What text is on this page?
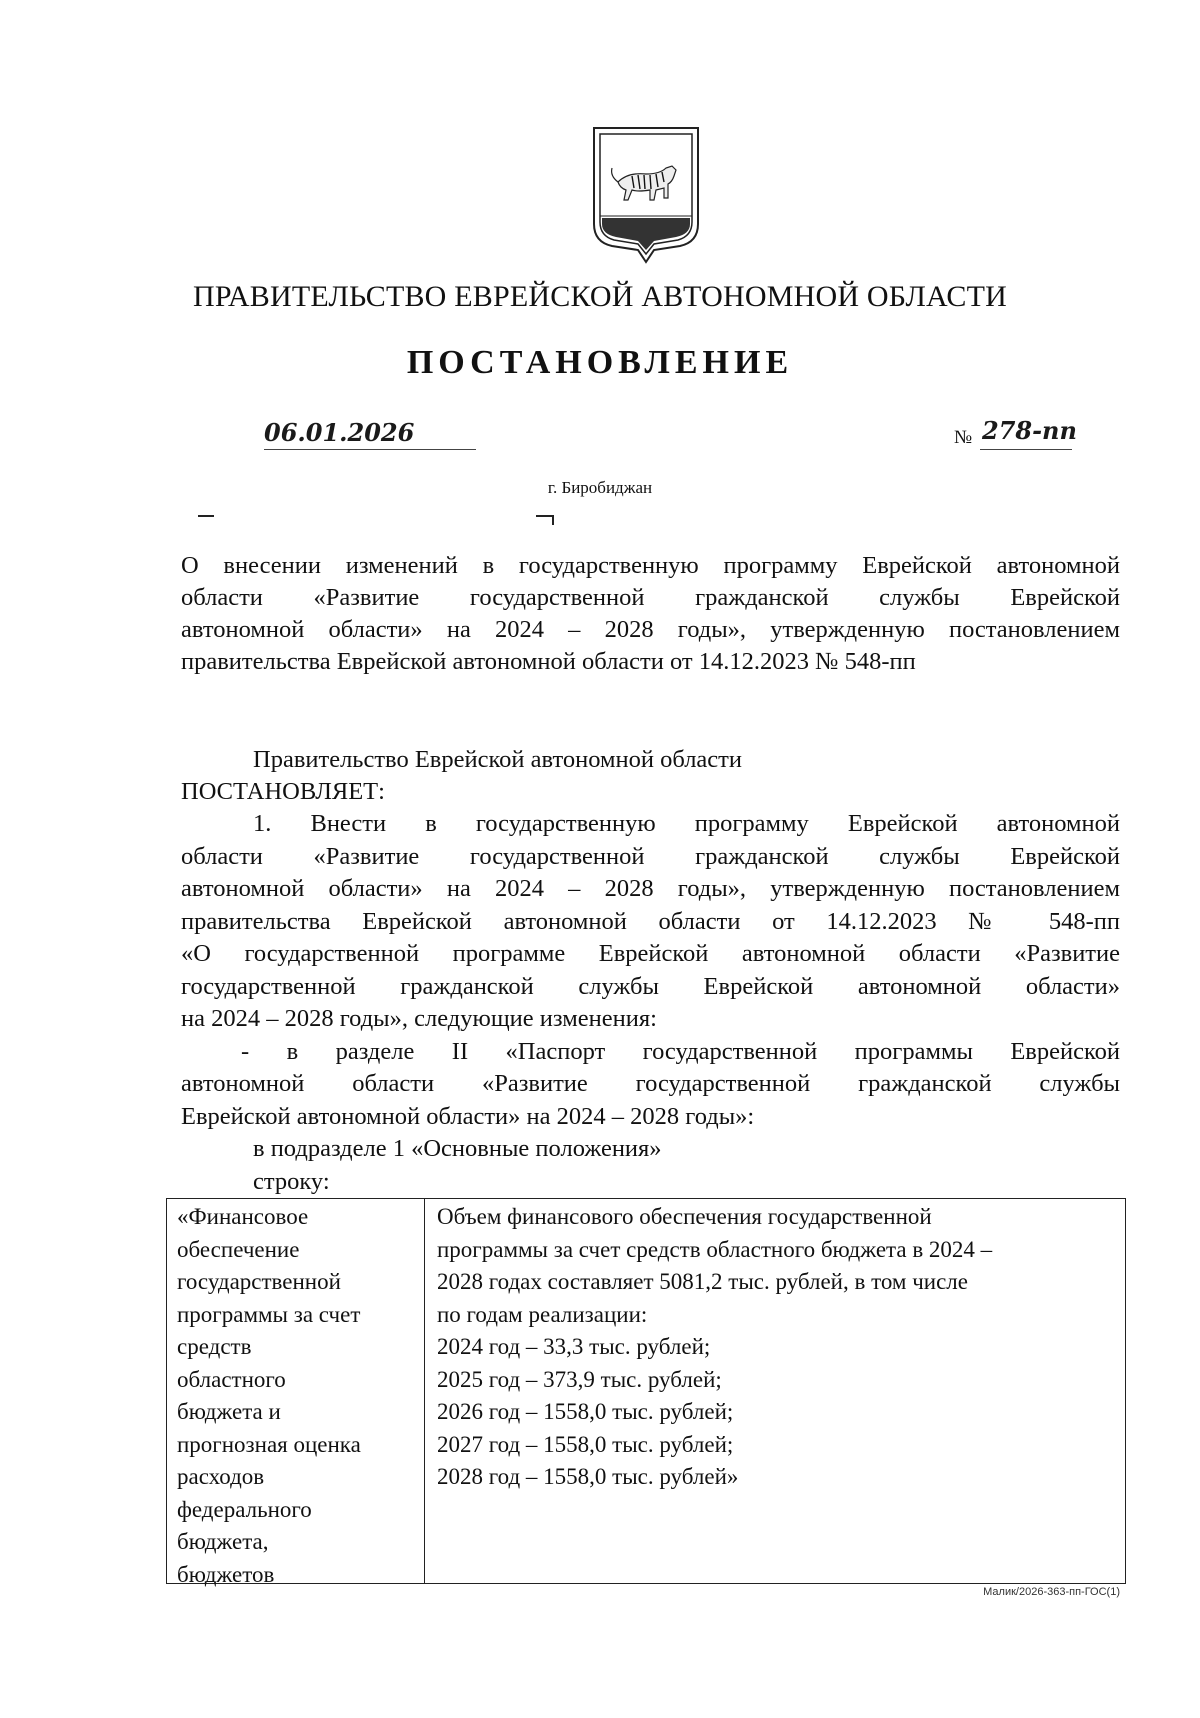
ПРАВИТЕЛЬСТВО ЕВРЕЙСКОЙ АВТОНОМНОЙ ОБЛАСТИ
ПОСТАНОВЛЕНИЕ
06.01.2026	№ 278-пп
г. Биробиджан
О внесении изменений в государственную программу Еврейской автономной
области «Развитие государственной гражданской службы Еврейской
автономной области» на 2024 – 2028 годы», утвержденную постановлением
правительства Еврейской автономной области от 14.12.2023 № 548-пп
Правительство Еврейской автономной области
ПОСТАНОВЛЯЕТ:
1. Внести в государственную программу Еврейской автономной
области «Развитие государственной гражданской службы Еврейской
автономной области» на 2024 – 2028 годы», утвержденную постановлением
правительства Еврейской автономной области от 14.12.2023 № 548-пп
«О государственной программе Еврейской автономной области «Развитие
государственной гражданской службы Еврейской автономной области»
на 2024 – 2028 годы», следующие изменения:
- в разделе II «Паспорт государственной программы Еврейской
автономной области «Развитие государственной гражданской службы
Еврейской автономной области» на 2024 – 2028 годы»:
в подразделе 1 «Основные положения»
строку:
«Финансовое
обеспечение
государственной
программы за счет
средств
областного
бюджета и
прогнозная оценка
расходов
федерального
бюджета,
бюджетов
Объем финансового обеспечения государственной
программы за счет средств областного бюджета в 2024 –
2028 годах составляет 5081,2 тыс. рублей, в том числе
по годам реализации:
2024 год – 33,3 тыс. рублей;
2025 год – 373,9 тыс. рублей;
2026 год – 1558,0 тыс. рублей;
2027 год – 1558,0 тыс. рублей;
2028 год – 1558,0 тыс. рублей»
Малик/2026-363-пп-ГОС(1)
